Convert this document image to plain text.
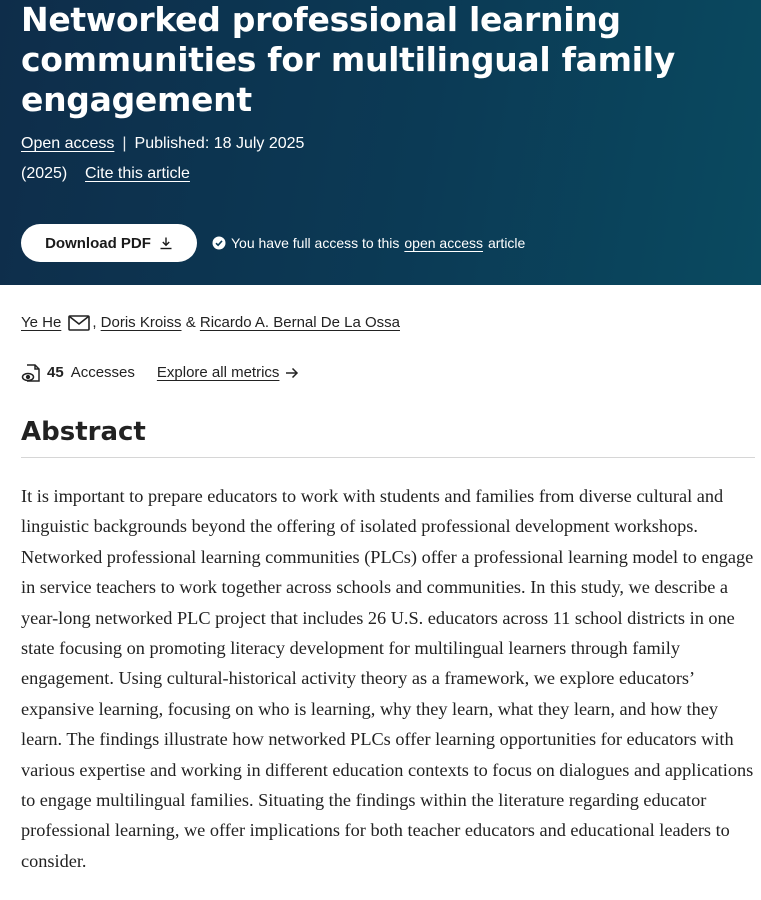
Networked professional learning communities for multilingual family engagement
Open access | Published: 18 July 2025
(2025) Cite this article
Download PDF	You have full access to this open access article
Ye He ,
Doris Kroiss
&
Ricardo A. Bernal De La Ossa
45 Accesses Explore all metrics
Abstract

It is important to prepare educators to work with students and families from diverse cultural and linguistic backgrounds beyond the offering of isolated professional development workshops. Networked professional learning communities (PLCs) offer a professional learning model to engage in service teachers to work together across schools and communities. In this study, we describe a year-long networked PLC project that includes 26 U.S. educators across 11 school districts in one state focusing on promoting literacy development for multilingual learners through family engagement. Using cultural-historical activity theory as a framework, we explore educators’ expansive learning, focusing on who is learning, why they learn, what they learn, and how they learn. The findings illustrate how networked PLCs offer learning opportunities for educators with various expertise and working in different education contexts to focus on dialogues and applications to engage multilingual families. Situating the findings within the literature regarding educator professional learning, we offer implications for both teacher educators and educational leaders to consider.
